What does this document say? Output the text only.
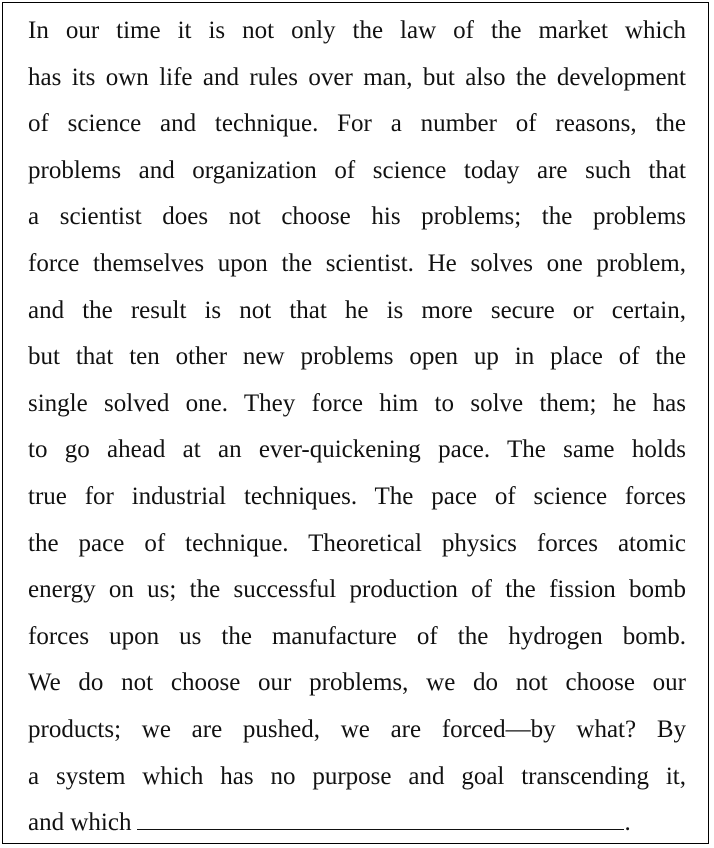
In our time it is not only the law of the market which
has its own life and rules over man, but also the development
of science and technique. For a number of reasons, the
problems and organization of science today are such that
a scientist does not choose his problems; the problems
force themselves upon the scientist. He solves one problem,
and the result is not that he is more secure or certain,
but that ten other new problems open up in place of the
single solved one. They force him to solve them; he has
to go ahead at an ever-quickening pace. The same holds
true for industrial techniques. The pace of science forces
the pace of technique. Theoretical physics forces atomic
energy on us; the successful production of the fission bomb
forces upon us the manufacture of the hydrogen bomb.
We do not choose our problems, we do not choose our
products; we are pushed, we are forced—by what? By
a system which has no purpose and goal transcending it,
and which	.
